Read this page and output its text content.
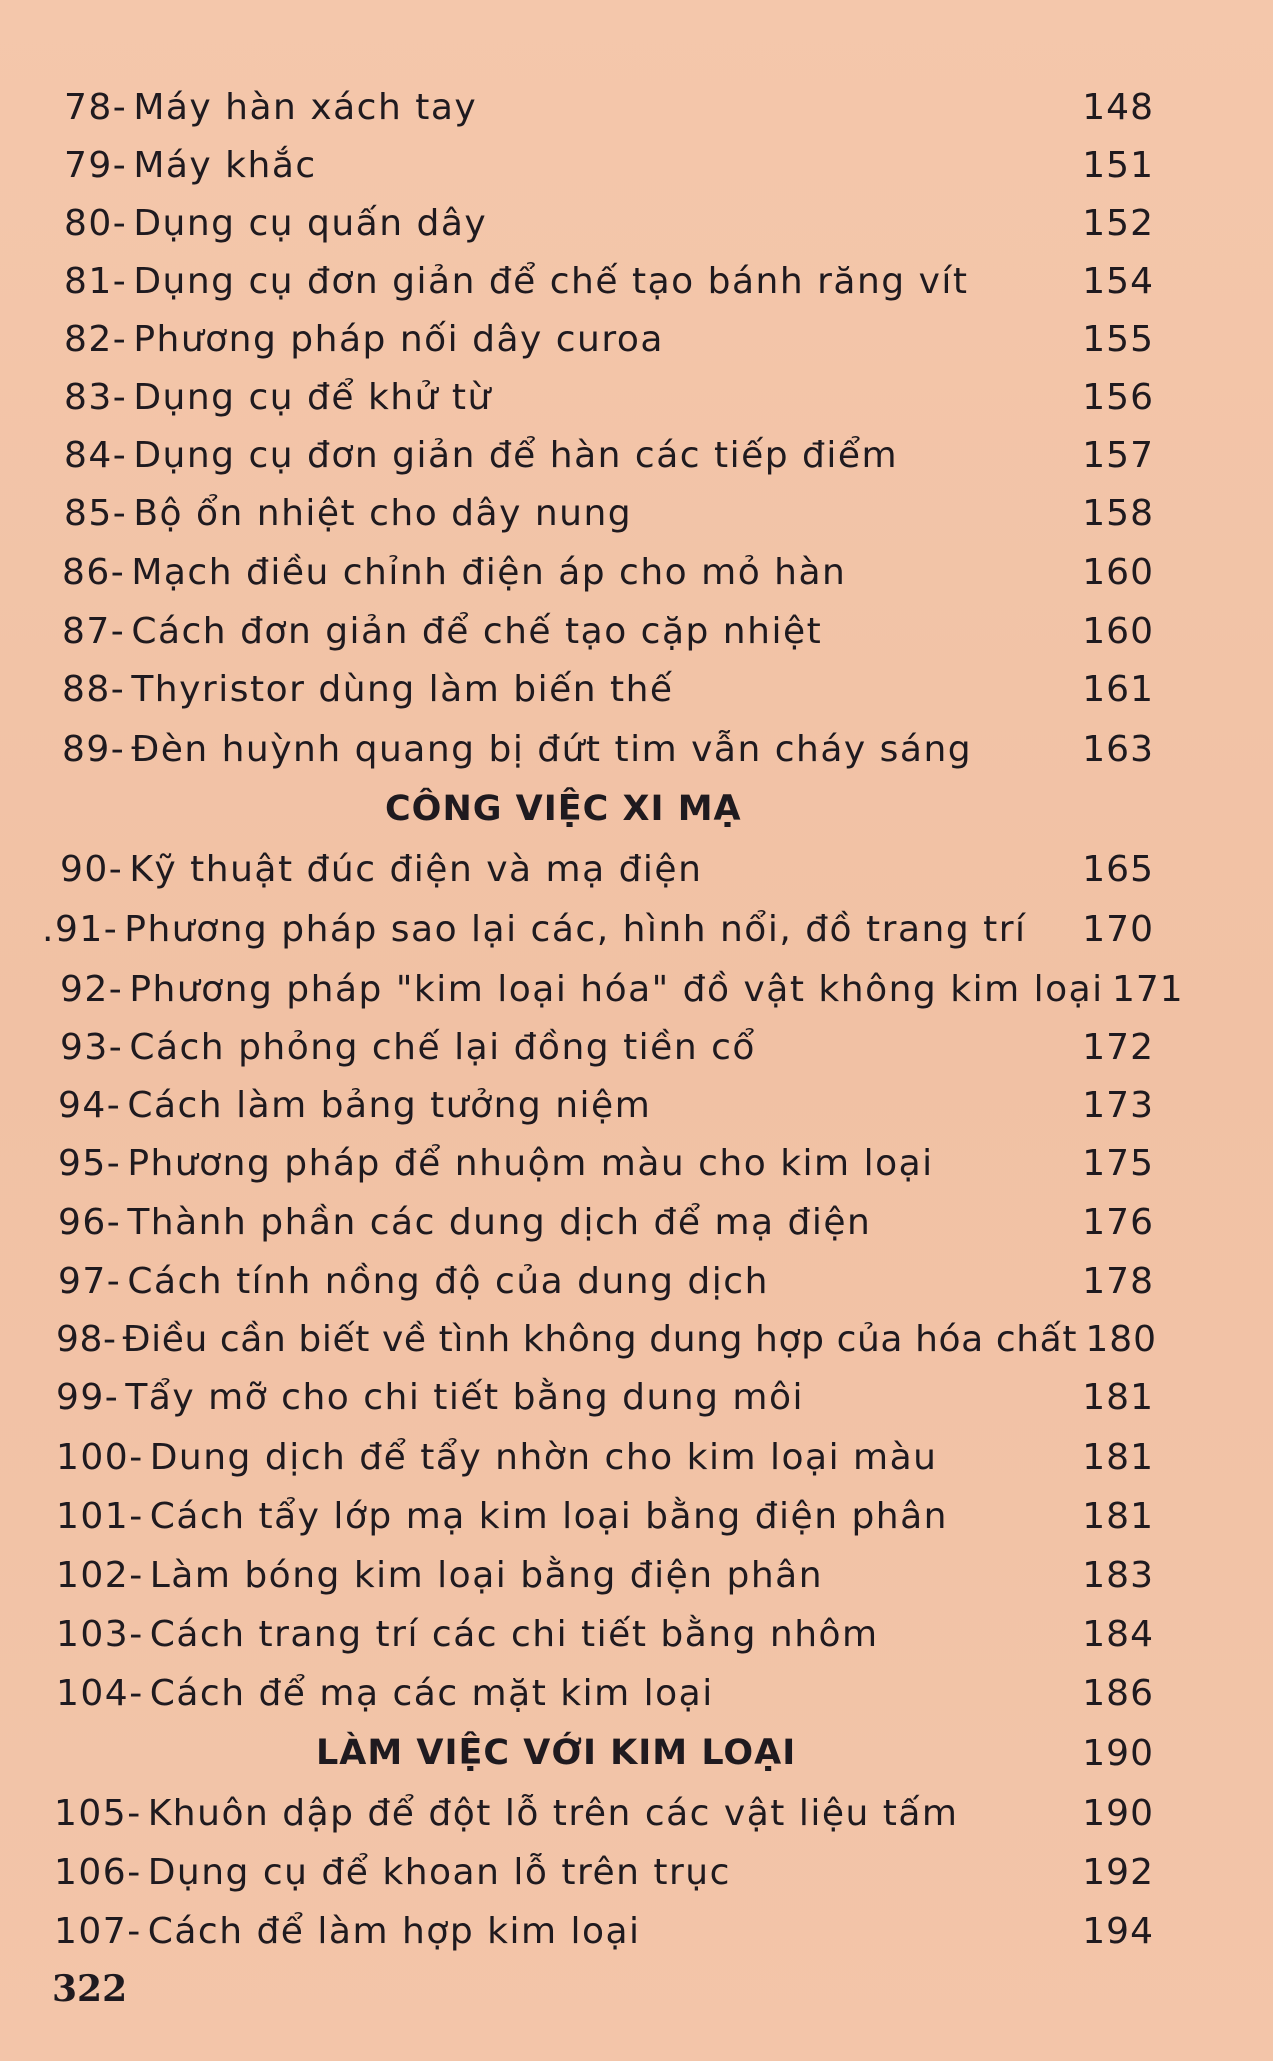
78- Máy hàn xách tay	148
79- Máy khắc	151
80- Dụng cụ quấn dây	152
81- Dụng cụ đơn giản để chế tạo bánh răng vít	154
82- Phương pháp nối dây curoa	155
83- Dụng cụ để khử từ	156
84- Dụng cụ đơn giản để hàn các tiếp điểm	157
85- Bộ ổn nhiệt cho dây nung	158
86- Mạch điều chỉnh điện áp cho mỏ hàn	160
87- Cách đơn giản để chế tạo cặp nhiệt	160
88- Thyristor dùng làm biến thế	161
89- Đèn huỳnh quang bị đứt tim vẫn cháy sáng	163
CÔNG VIỆC XI MẠ
90- Kỹ thuật đúc điện và mạ điện	165
.91- Phương pháp sao lại các, hình nổi, đồ trang trí 170
92- Phương pháp "kim loại hóa" đồ vật không kim loại 171
93- Cách phỏng chế lại đồng tiền cổ	172
94- Cách làm bảng tưởng niệm	173
95- Phương pháp để nhuộm màu cho kim loại	175
96- Thành phần các dung dịch để mạ điện	176
97- Cách tính nồng độ của dung dịch	178
98- Điều cần biết về tình không dung hợp của hóa chất 180
99- Tẩy mỡ cho chi tiết bằng dung môi	181
100- Dung dịch để tẩy nhờn cho kim loại màu	181
101- Cách tẩy lớp mạ kim loại bằng điện phân	181
102- Làm bóng kim loại bằng điện phân	183
103- Cách trang trí các chi tiết bằng nhôm	184
104- Cách để mạ các mặt kim loại	186
LÀM VIỆC VỚI KIM LOẠI	190
105- Khuôn dập để đột lỗ trên các vật liệu tấm	190
106- Dụng cụ để khoan lỗ trên trục	192
107- Cách để làm hợp kim loại	194
322
